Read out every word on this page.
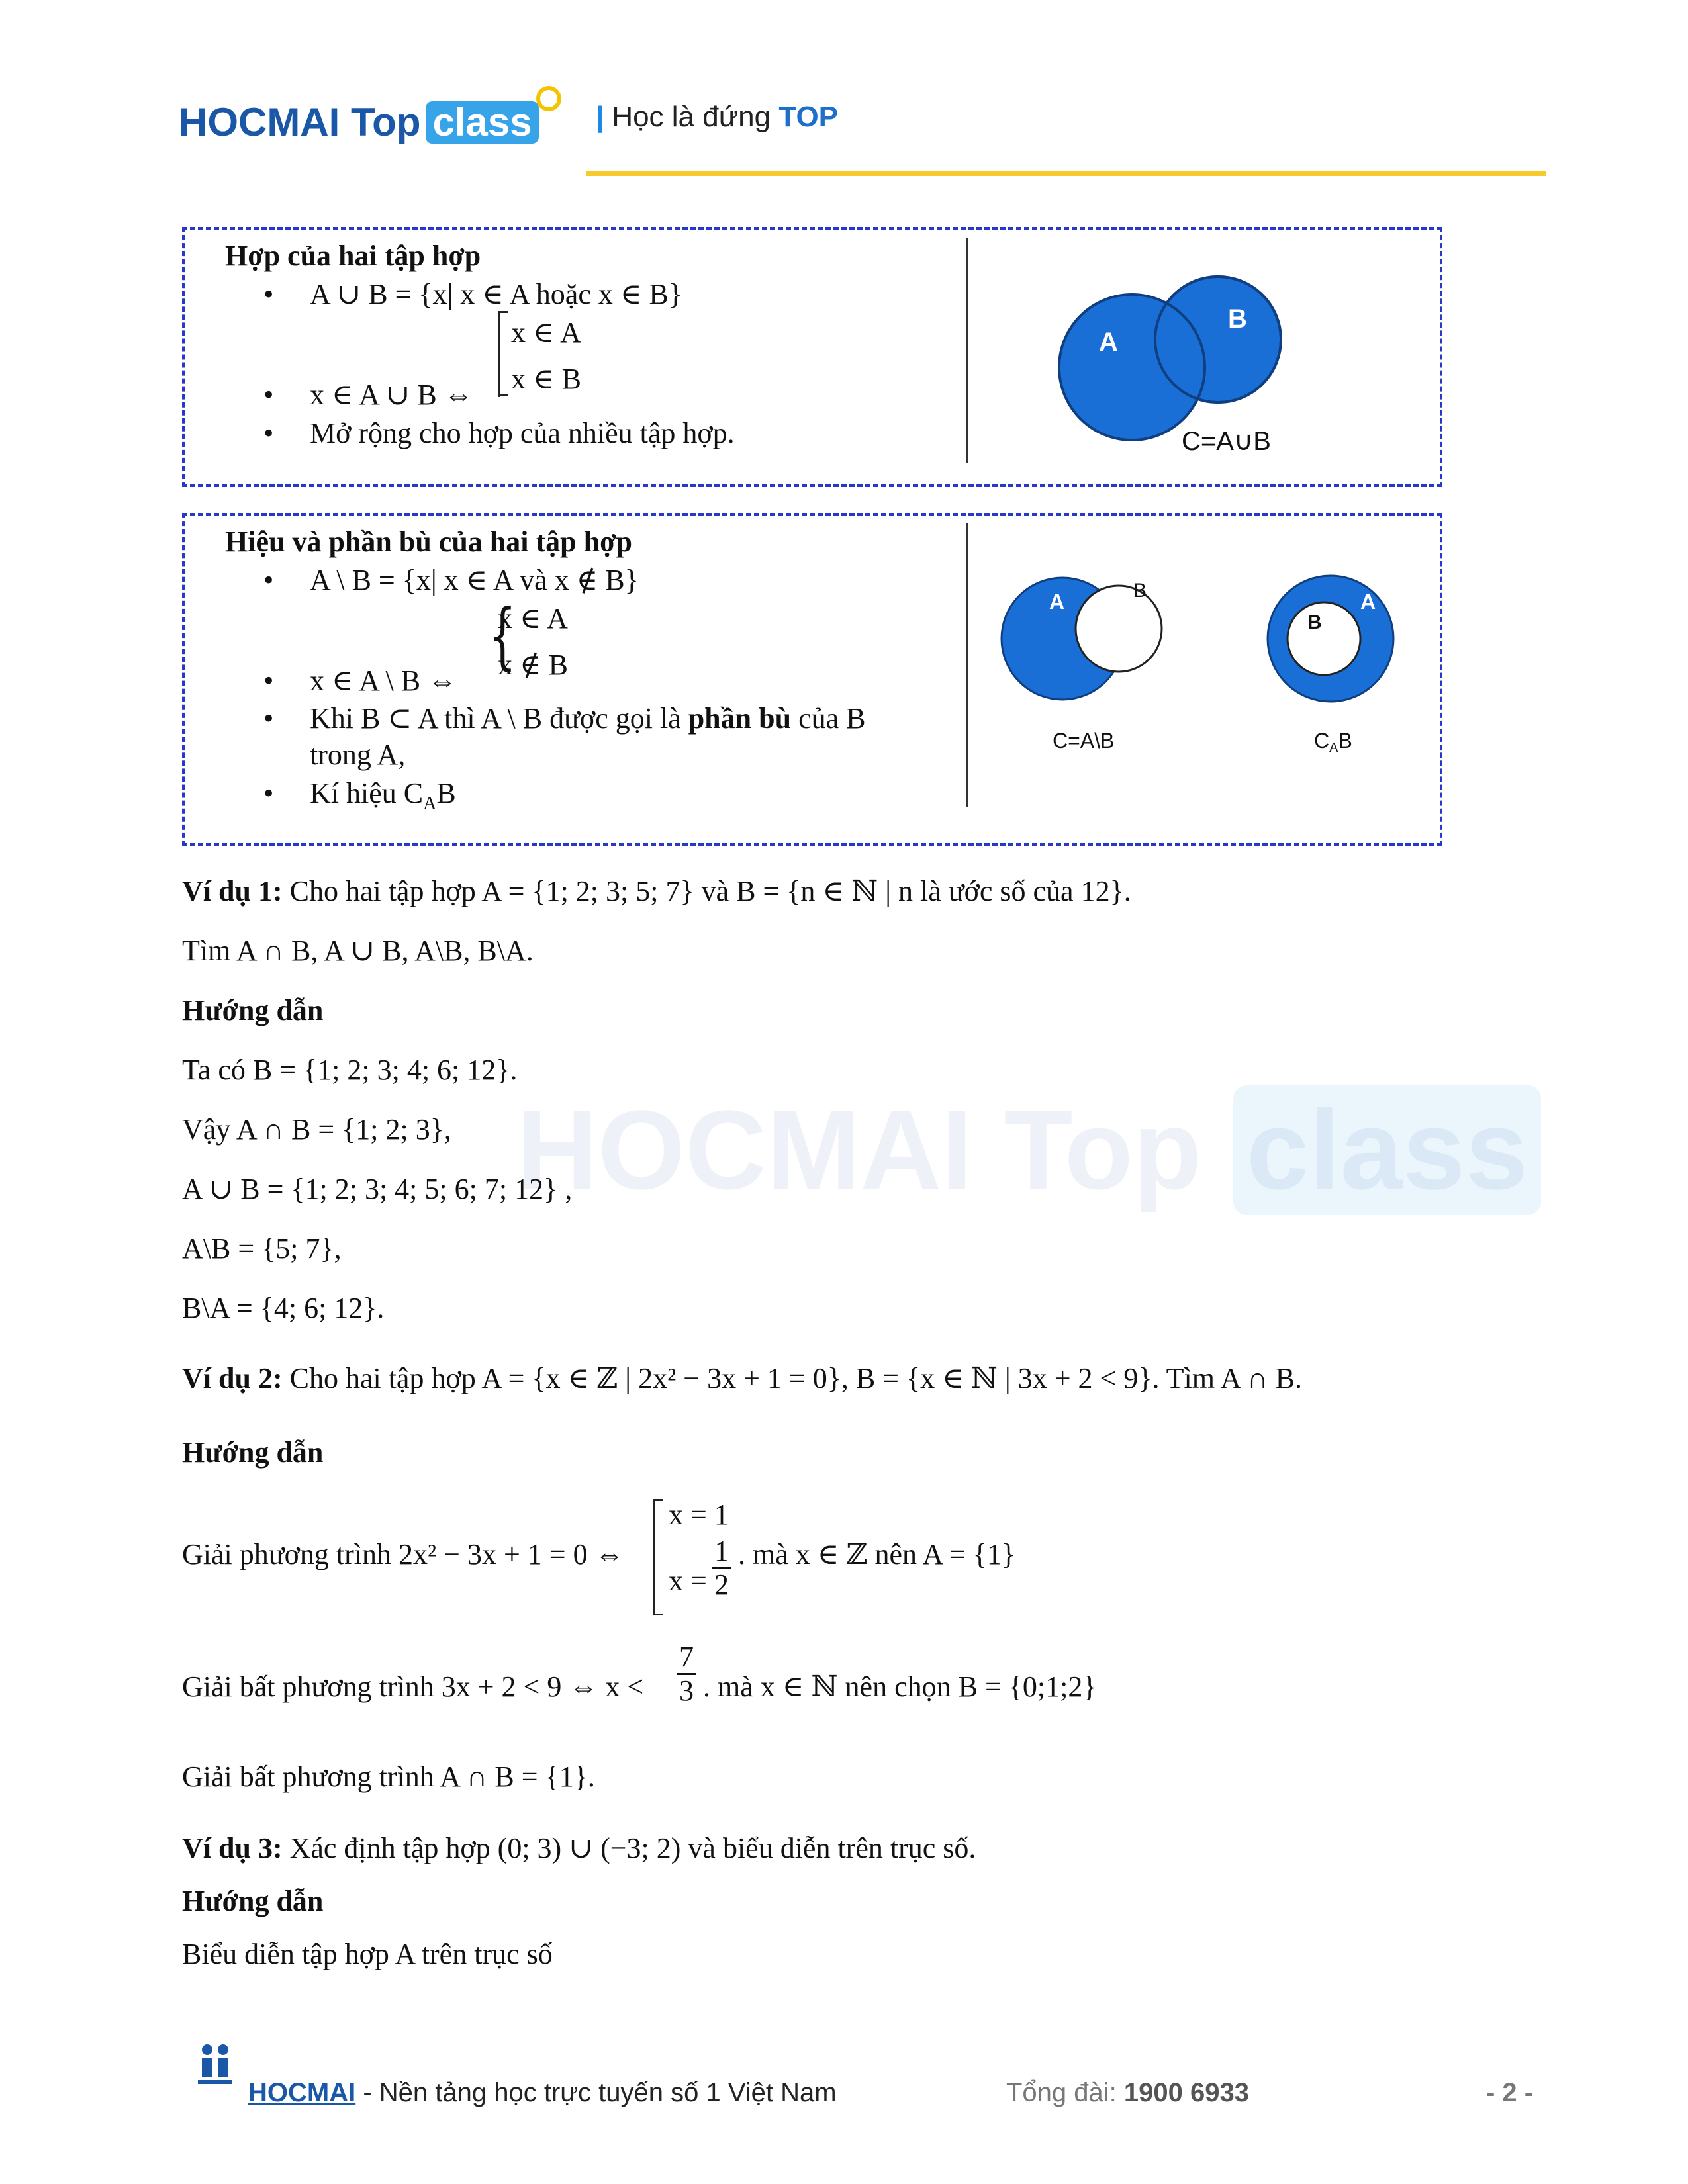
HOCMAI Top class	| Học là đứng TOP
HOCMAI Top class
Hợp của hai tập hợp
• A ∪ B = {x| x ∈ A hoặc x ∈ B}
x ∈ A
x ∈ B
• x ∈ A ∪ B ⇔
• Mở rộng cho hợp của nhiều tập hợp.
A
B
C=A∪B
Hiệu và phần bù của hai tập hợp
• A \ B = {x| x ∈ A và x ∉ B}
{
x ∈ A
x ∉ B
• x ∈ A \ B ⇔
• Khi B ⊂ A thì A \ B được gọi là phần bù của B
trong A,
• Kí hiệu $C_AB$
A	B
C=A\B
A
B
CAB
Ví dụ 1: Cho hai tập hợp A = {1; 2; 3; 5; 7} và B = {n ∈ ℕ | n là ước số của 12}.
Tìm A ∩ B, A ∪ B, A\B, B\A.
Hướng dẫn
Ta có B = {1; 2; 3; 4; 6; 12}.
Vậy A ∩ B = {1; 2; 3},
A ∪ B = {1; 2; 3; 4; 5; 6; 7; 12} ,
A\B = {5; 7},
B\A = {4; 6; 12}.
Ví dụ 2: Cho hai tập hợp A = {x ∈ ℤ | 2x² − 3x + 1 = 0}, B = {x ∈ ℕ | 3x + 2 < 9}. Tìm A ∩ B.
Hướng dẫn
Giải phương trình 2x² − 3x + 1 = 0 ⇔
x = 1
$x = \frac{1}{2}$ . mà x ∈ ℤ nên A = {1}
Giải bất phương trình 3x + 2 < 9 ⇔ $x < \frac{7}{3}$ . mà x ∈ ℕ nên chọn B = {0;1;2}
Giải bất phương trình A ∩ B = {1}.
Ví dụ 3: Xác định tập hợp (0; 3) ∪ (−3; 2) và biểu diễn trên trục số.
Hướng dẫn
Biểu diễn tập hợp A trên trục số
HOCMAI - Nền tảng học trực tuyến số 1 Việt Nam	Tổng đài: 1900 6933	- 2 -
